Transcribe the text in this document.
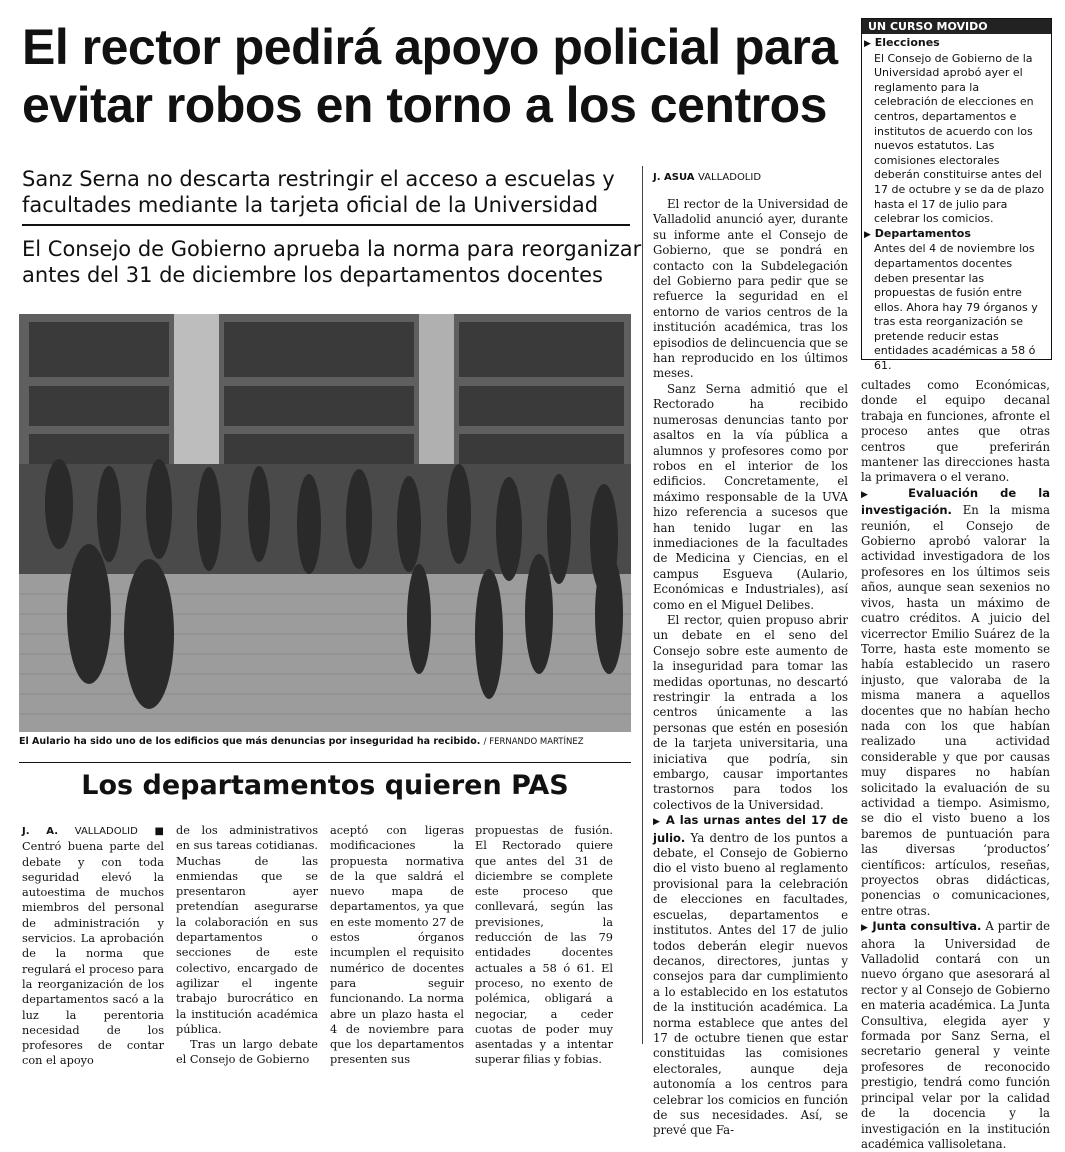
El rector pedirá apoyo policial para evitar robos en torno a los centros

Sanz Serna no descarta restringir el acceso a escuelas y facultades mediante la tarjeta oficial de la Universidad

El Consejo de Gobierno aprueba la norma para reorganizar antes del 31 de diciembre los departamentos docentes

El Aulario ha sido uno de los edificios que más denuncias por inseguridad ha recibido. / FERNANDO MARTÍNEZ

UN CURSO MOVIDO

▶ Elecciones

El Consejo de Gobierno de la Universidad aprobó ayer el reglamento para la celebración de elecciones en centros, departamentos e institutos de acuerdo con los nuevos estatutos. Las comisiones electorales deberán constituirse antes del 17 de octubre y se da de plazo hasta el 17 de julio para celebrar los comicios.

▶ Departamentos

Antes del 4 de noviembre los departamentos docentes deben presentar las propuestas de fusión entre ellos. Ahora hay 79 órganos y tras esta reorganización se pretende reducir estas entidades académicas a 58 ó 61.

J. ASUA VALLADOLID

El rector de la Universidad de Valladolid anunció ayer, durante su informe ante el Consejo de Gobierno, que se pondrá en contacto con la Subdelegación del Gobierno para pedir que se refuerce la seguridad en el entorno de varios centros de la institución académica, tras los episodios de delincuencia que se han reproducido en los últimos meses.

Sanz Serna admitió que el Rectorado ha recibido numerosas denuncias tanto por asaltos en la vía pública a alumnos y profesores como por robos en el interior de los edificios. Concretamente, el máximo responsable de la UVA hizo referencia a sucesos que han tenido lugar en las inmediaciones de la facultades de Medicina y Ciencias, en el campus Esgueva (Aulario, Económicas e Industriales), así como en el Miguel Delibes.

El rector, quien propuso abrir un debate en el seno del Consejo sobre este aumento de la inseguridad para tomar las medidas oportunas, no descartó restringir la entrada a los centros únicamente a las personas que estén en posesión de la tarjeta universitaria, una iniciativa que podría, sin embargo, causar importantes trastornos para todos los colectivos de la Universidad.

▶ A las urnas antes del 17 de julio. Ya dentro de los puntos a debate, el Consejo de Gobierno dio el visto bueno al reglamento provisional para la celebración de elecciones en facultades, escuelas, departamentos e institutos. Antes del 17 de julio todos deberán elegir nuevos decanos, directores, juntas y consejos para dar cumplimiento a lo establecido en los estatutos de la institución académica. La norma establece que antes del 17 de octubre tienen que estar constituidas las comisiones electorales, aunque deja autonomía a los centros para celebrar los comicios en función de sus necesidades. Así, se prevé que Fa-

cultades como Económicas, donde el equipo decanal trabaja en funciones, afronte el proceso antes que otras centros que preferirán mantener las direcciones hasta la primavera o el verano.

▶ Evaluación de la investigación. En la misma reunión, el Consejo de Gobierno aprobó valorar la actividad investigadora de los profesores en los últimos seis años, aunque sean sexenios no vivos, hasta un máximo de cuatro créditos. A juicio del vicerrector Emilio Suárez de la Torre, hasta este momento se había establecido un rasero injusto, que valoraba de la misma manera a aquellos docentes que no habían hecho nada con los que habían realizado una actividad considerable y que por causas muy dispares no habían solicitado la evaluación de su actividad a tiempo. Asimismo, se dio el visto bueno a los baremos de puntuación para las diversas ‘productos’ científicos: artículos, reseñas, proyectos obras didácticas, ponencias o comunicaciones, entre otras.

▶ Junta consultiva. A partir de ahora la Universidad de Valladolid contará con un nuevo órgano que asesorará al rector y al Consejo de Gobierno en materia académica. La Junta Consultiva, elegida ayer y formada por Sanz Serna, el secretario general y veinte profesores de reconocido prestigio, tendrá como función principal velar por la calidad de la docencia y la investigación en la institución académica vallisoletana.

Los departamentos quieren PAS

J. A. VALLADOLID ■ Centró buena parte del debate y con toda seguridad elevó la autoestima de muchos miembros del personal de administración y servicios. La aprobación de la norma que regulará el proceso para la reorganización de los departamentos sacó a la luz la perentoria necesidad de los profesores de contar con el apoyo

de los administrativos en sus tareas cotidianas. Muchas de las enmiendas que se presentaron ayer pretendían asegurarse la colaboración en sus departamentos o secciones de este colectivo, encargado de agilizar el ingente trabajo burocrático en la institución académica pública.

Tras un largo debate el Consejo de Gobierno

aceptó con ligeras modificaciones la propuesta normativa de la que saldrá el nuevo mapa de departamentos, ya que en este momento 27 de estos órganos incumplen el requisito numérico de docentes para seguir funcionando. La norma abre un plazo hasta el 4 de noviembre para que los departamentos presenten sus

propuestas de fusión. El Rectorado quiere que antes del 31 de diciembre se complete este proceso que conllevará, según las previsiones, la reducción de las 79 entidades docentes actuales a 58 ó 61. El proceso, no exento de polémica, obligará a negociar, a ceder cuotas de poder muy asentadas y a intentar superar filias y fobias.
